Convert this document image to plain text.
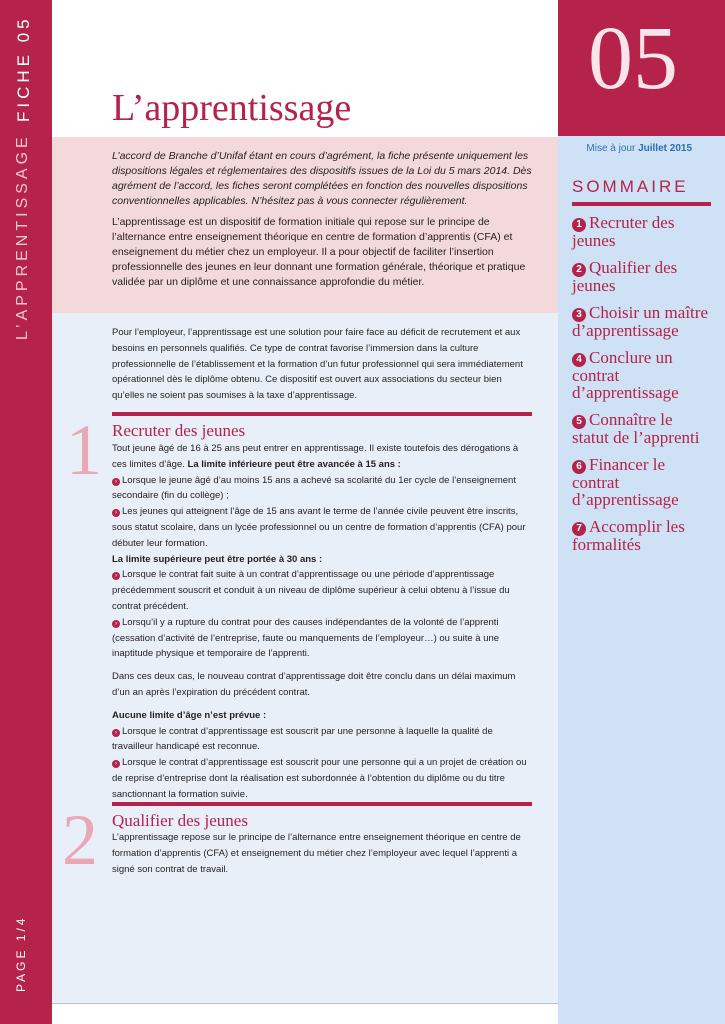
FICHE 05
L’APPRENTISSAGE
PAGE 1/4
05
Mise à jour Juillet 2015
SOMMAIRE
1 Recruter des jeunes
2 Qualifier des jeunes
3 Choisir un maître d’apprentissage
4 Conclure un contrat d’apprentissage
5 Connaître le statut de l’apprenti
6 Financer le contrat d’apprentissage
7 Accomplir les formalités
L’apprentissage

L’accord de Branche d’Unifaf étant en cours d’agrément, la fiche présente uniquement les dispositions légales et réglementaires des dispositifs issues de la Loi du 5 mars 2014. Dès agrément de l’accord, les fiches seront complétées en fonction des nouvelles dispositions conventionnelles applicables. N’hésitez pas à vous connecter régulièrement.

L’apprentissage est un dispositif de formation initiale qui repose sur le principe de l’alternance entre enseignement théorique en centre de formation d’apprentis (CFA) et enseignement du métier chez un employeur. Il a pour objectif de faciliter l’insertion professionnelle des jeunes en leur donnant une formation générale, théorique et pratique validée par un diplôme et une connaissance approfondie du métier.

Pour l’employeur, l’apprentissage est une solution pour faire face au déficit de recrutement et aux besoins en personnels qualifiés. Ce type de contrat favorise l’immersion dans la culture professionnelle de l’établissement et la formation d’un futur professionnel qui sera immédiatement opérationnel dès le diplôme obtenu. Ce dispositif est ouvert aux associations du secteur bien qu’elles ne soient pas soumises à la taxe d’apprentissage.

1 Recruter des jeunes
Tout jeune âgé de 16 à 25 ans peut entrer en apprentissage. Il existe toutefois des dérogations à ces limites d’âge. La limite inférieure peut être avancée à 15 ans :
› Lorsque le jeune âgé d’au moins 15 ans a achevé sa scolarité du 1er cycle de l’enseignement secondaire (fin du collège) ;
› Les jeunes qui atteignent l’âge de 15 ans avant le terme de l’année civile peuvent être inscrits, sous statut scolaire, dans un lycée professionnel ou un centre de formation d’apprentis (CFA) pour débuter leur formation.
La limite supérieure peut être portée à 30 ans :
› Lorsque le contrat fait suite à un contrat d’apprentissage ou une période d’apprentissage précédemment souscrit et conduit à un niveau de diplôme supérieur à celui obtenu à l’issue du contrat précédent.
› Lorsqu’il y a rupture du contrat pour des causes indépendantes de la volonté de l’apprenti (cessation d’activité de l’entreprise, faute ou manquements de l’employeur…) ou suite à une inaptitude physique et temporaire de l’apprenti.

Dans ces deux cas, le nouveau contrat d’apprentissage doit être conclu dans un délai maximum d’un an après l’expiration du précédent contrat.

Aucune limite d’âge n’est prévue :
› Lorsque le contrat d’apprentissage est souscrit par une personne à laquelle la qualité de travailleur handicapé est reconnue.
› Lorsque le contrat d’apprentissage est souscrit pour une personne qui a un projet de création ou de reprise d’entreprise dont la réalisation est subordonnée à l’obtention du diplôme ou du titre sanctionnant la formation suivie.

2 Qualifier des jeunes

L’apprentissage repose sur le principe de l’alternance entre enseignement théorique en centre de formation d’apprentis (CFA) et enseignement du métier chez l’employeur avec lequel l’apprenti a signé son contrat de travail.
